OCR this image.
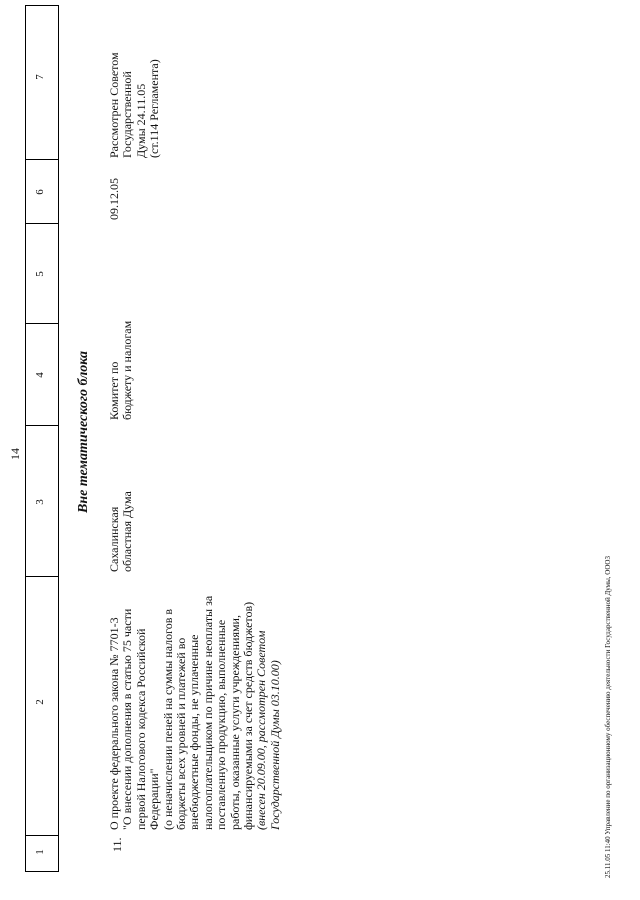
14
1
2
3
4
5
6
7
Вне тематического блока
11.
О проекте федерального закона № 7701-3 "О внесении дополнения в статью 75 части первой Налогового кодекса Российской Федерации" (о неначислении пеней на суммы налогов в бюджеты всех уровней и платежей во внебюджетные фонды, не уплаченные налогоплательщиком по причине неоплаты за поставленную продукцию, выполненные работы, оказанные услуги учреждениями, финансируемыми за счет средств бюджетов) (внесен 20.09.00, рассмотрен Советом Государственной Думы 03.10.00)
Сахалинская областная Дума
Комитет по бюджету и налогам
09.12.05
Рассмотрен Советом Государственной Думы 24.11.05 (ст.114 Регламента)
25.11.05 11:40 Управление по организационному обеспечению деятельности Государственной Думы, ООО3
